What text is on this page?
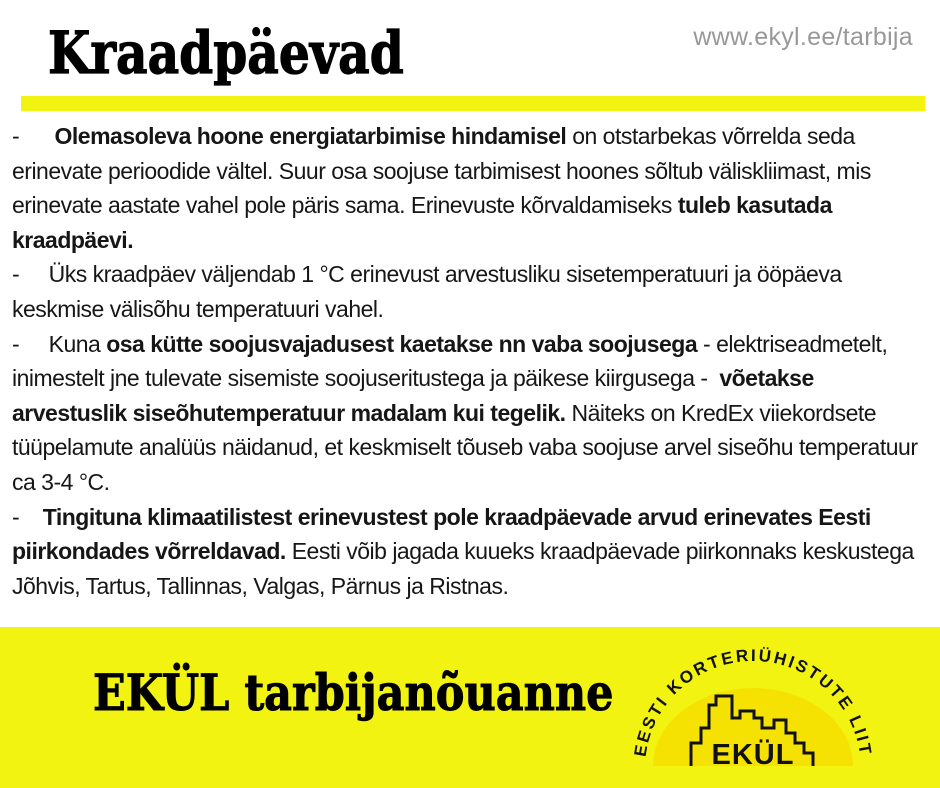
Kraadpäevad	www.ekyl.ee/tarbija

-      Olemasoleva hoone energiatarbimise hindamisel on otstarbekas võrrelda seda erinevate perioodide vältel. Suur osa soojuse tarbimisest hoones sõltub väliskliimast, mis erinevate aastate vahel pole päris sama. Erinevuste kõrvaldamiseks tuleb kasutada kraadpäevi.

-     Üks kraadpäev väljendab 1 °C erinevust arvestusliku sisetemperatuuri ja ööpäeva keskmise välisõhu temperatuuri vahel.

-     Kuna osa kütte soojusvajadusest kaetakse nn vaba soojusega - elektriseadmetelt, inimestelt jne tulevate sisemiste soojuseritustega ja päikese kiirgusega -  võetakse arvestuslik siseõhutemperatuur madalam kui tegelik. Näiteks on KredEx viiekordsete tüüpelamute analüüs näidanud, et keskmiselt tõuseb vaba soojuse arvel siseõhu temperatuur ca 3-4 °C.

-    Tingituna klimaatilistest erinevustest pole kraadpäevade arvud erinevates Eesti piirkondades võrreldavad. Eesti võib jagada kuueks kraadpäevade piirkonnaks keskustega Jõhvis, Tartus, Tallinnas, Valgas, Pärnus ja Ristnas.

EKÜL tarbijanõuanne
EESTI KORTERIÜHISTUTE LIIT
EKÜL
